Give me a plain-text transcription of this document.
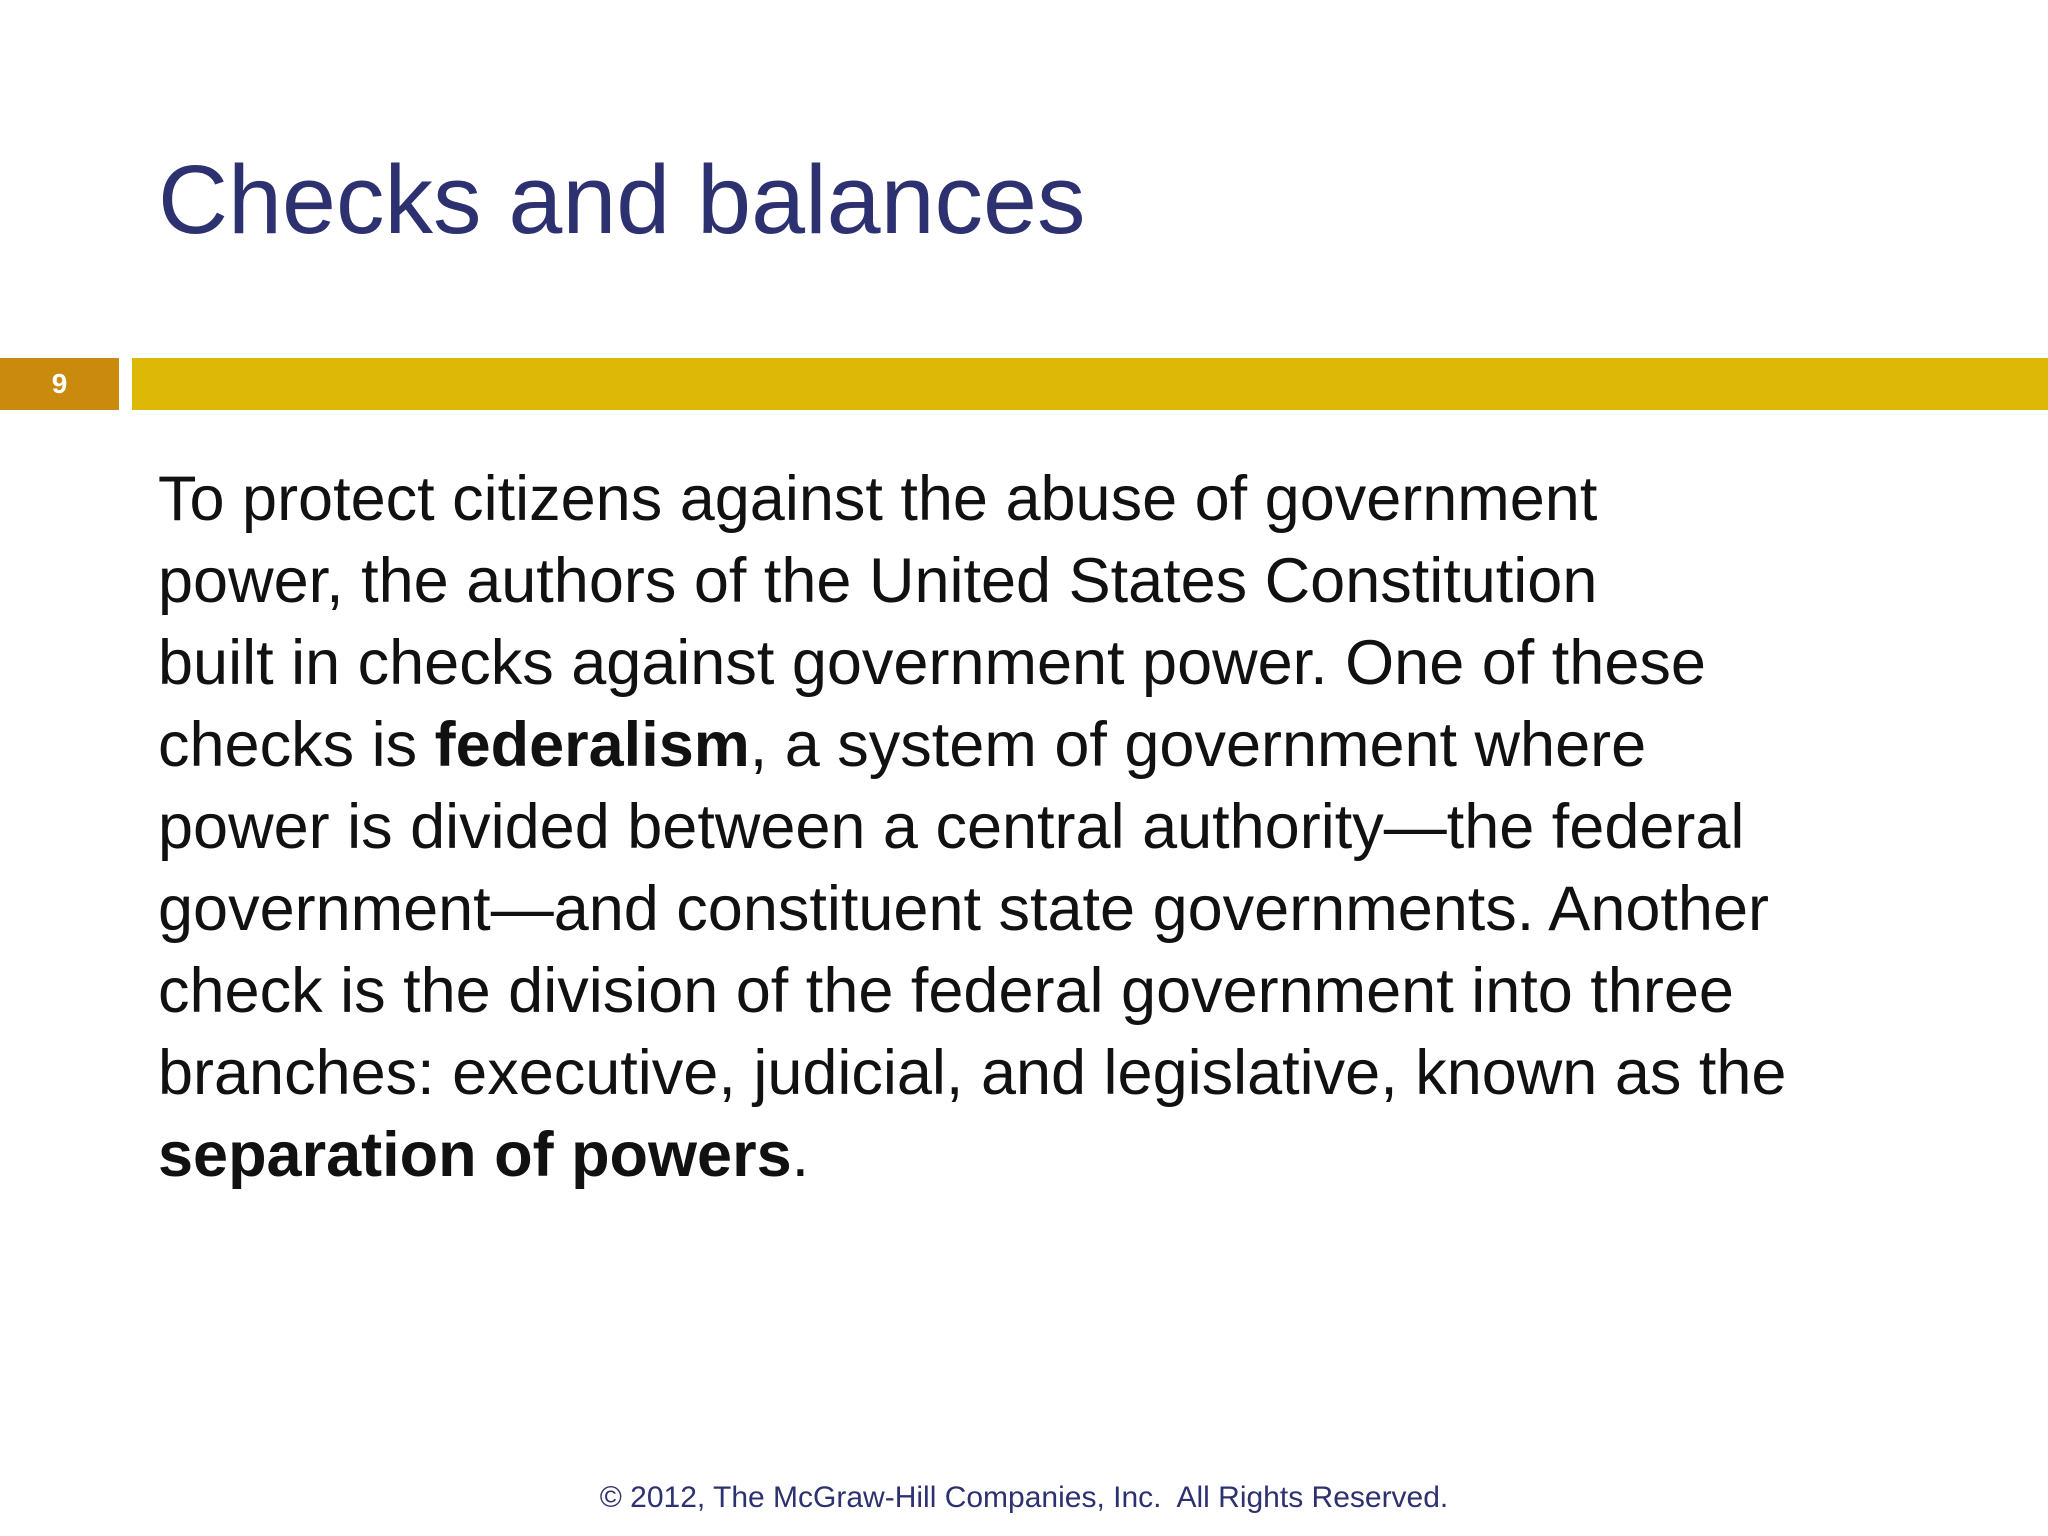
Checks and balances
9

To protect citizens against the abuse of government
power, the authors of the United States Constitution
built in checks against government power. One of these
checks is federalism, a system of government where
power is divided between a central authority—the federal
government—and constituent state governments. Another
check is the division of the federal government into three
branches: executive, judicial, and legislative, known as the
separation of powers.

© 2012, The McGraw-Hill Companies, Inc.  All Rights Reserved.
